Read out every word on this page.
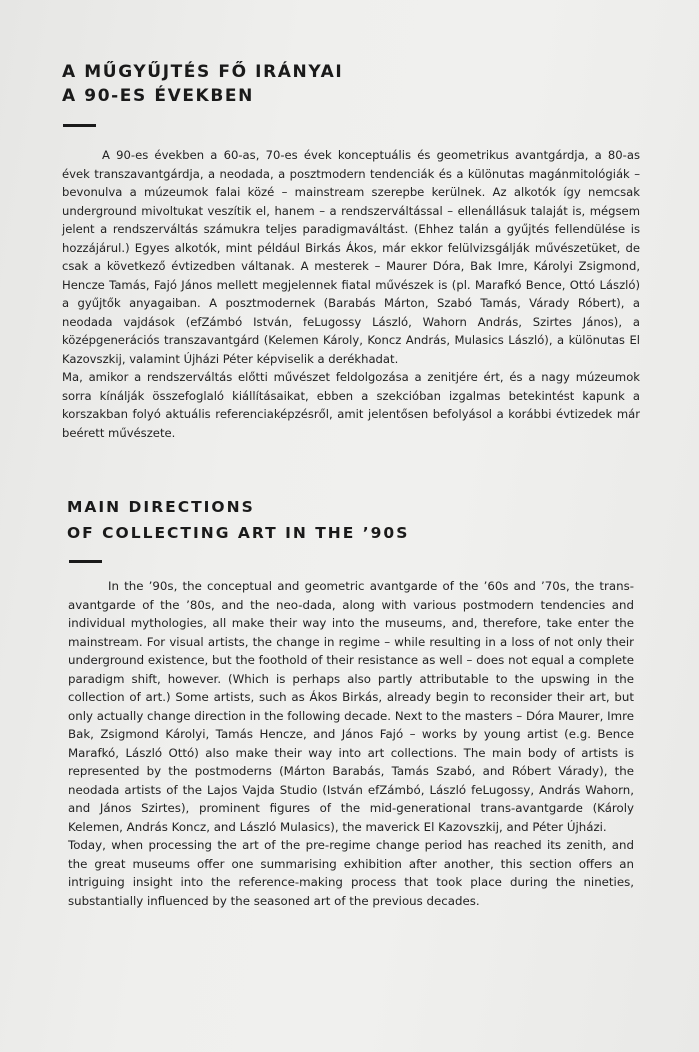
A MŰGYŰJTÉS FŐ IRÁNYAI
A 90-ES ÉVEKBEN

A 90-es években a 60-as, 70-es évek konceptuális és geometrikus avantgárdja, a 80-as évek transzavantgárdja, a neodada, a posztmodern tendenciák és a különutas magánmitológiák – bevonulva a múzeumok falai közé – mainstream szerepbe kerülnek. Az alkotók így nemcsak underground mivoltukat veszítik el, hanem – a rendszerváltással – ellenállásuk talaját is, mégsem jelent a rendszerváltás számukra teljes paradigmaváltást. (Ehhez talán a gyűjtés fellendülése is hozzájárul.) Egyes alkotók, mint például Birkás Ákos, már ekkor felülvizsgálják művészetüket, de csak a következő évtizedben váltanak. A mesterek – Maurer Dóra, Bak Imre, Károlyi Zsigmond, Hencze Tamás, Fajó János mellett megjelennek fiatal művészek is (pl. Marafkó Bence, Ottó László) a gyűjtők anyagaiban. A posztmodernek (Barabás Márton, Szabó Tamás, Várady Róbert), a neodada vajdások (efZámbó István, feLugossy László, Wahorn András, Szirtes János), a középgenerációs transzavantgárd (Kelemen Károly, Koncz András, Mulasics László), a különutas El Kazovszkij, valamint Újházi Péter képviselik a derékhadat.

Ma, amikor a rendszerváltás előtti művészet feldolgozása a zenitjére ért, és a nagy múzeumok sorra kínálják összefoglaló kiállításaikat, ebben a szekcióban izgalmas betekintést kapunk a korszakban folyó aktuális referenciaképzésről, amit jelentősen befolyásol a korábbi évtizedek már beérett művészete.

MAIN DIRECTIONS
OF COLLECTING ART IN THE ’90S

In the ’90s, the conceptual and geometric avantgarde of the ’60s and ’70s, the trans-avantgarde of the ’80s, and the neo-dada, along with various postmodern tendencies and individual mythologies, all make their way into the museums, and, therefore, take enter the mainstream. For visual artists, the change in regime – while resulting in a loss of not only their underground existence, but the foothold of their resistance as well – does not equal a complete paradigm shift, however. (Which is perhaps also partly attributable to the upswing in the collection of art.) Some artists, such as Ákos Birkás, already begin to reconsider their art, but only actually change direction in the following decade. Next to the masters – Dóra Maurer, Imre Bak, Zsigmond Károlyi, Tamás Hencze, and János Fajó – works by young artist (e.g. Bence Marafkó, László Ottó) also make their way into art collections. The main body of artists is represented by the postmoderns (Márton Barabás, Tamás Szabó, and Róbert Várady), the neodada artists of the Lajos Vajda Studio (István efZámbó, László feLugossy, András Wahorn, and János Szirtes), prominent figures of the mid-generational trans-avantgarde (Károly Kelemen, András Koncz, and László Mulasics), the maverick El Kazovszkij, and Péter Újházi.

Today, when processing the art of the pre-regime change period has reached its zenith, and the great museums offer one summarising exhibition after another, this section offers an intriguing insight into the reference-making process that took place during the nineties, substantially influenced by the seasoned art of the previous decades.
